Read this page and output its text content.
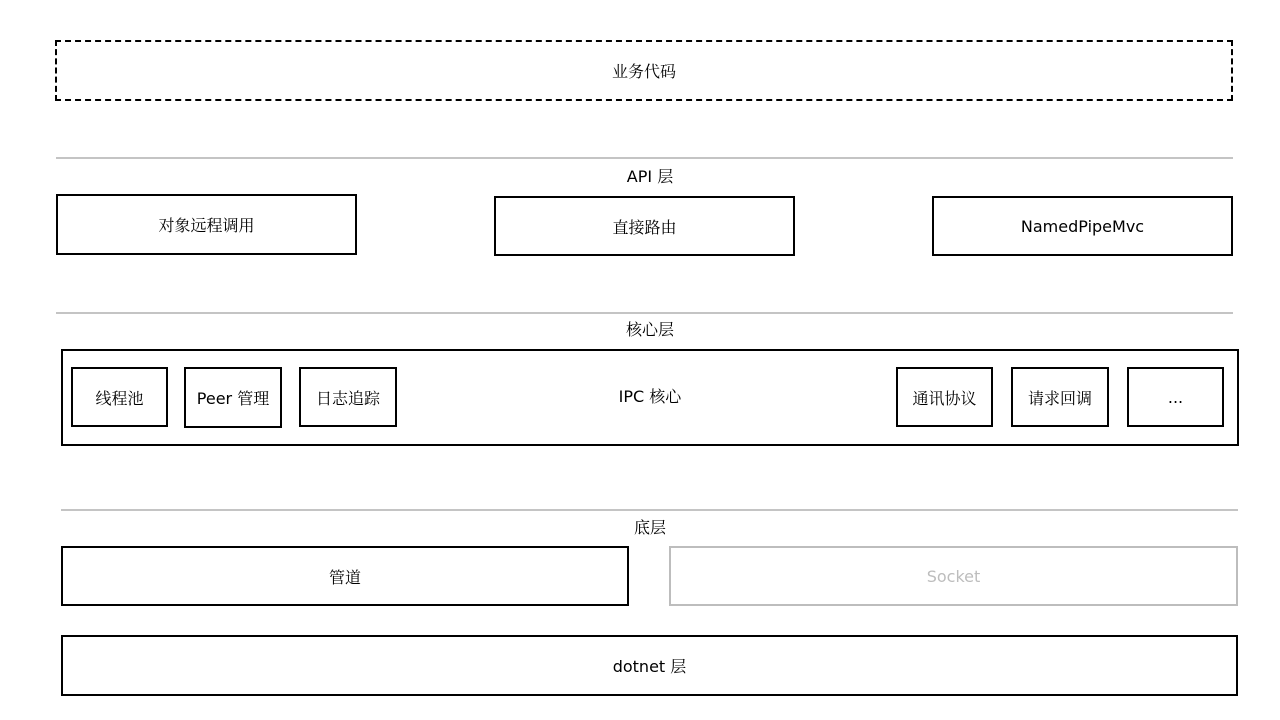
业务代码
API 层
对象远程调用	直接路由	NamedPipeMvc
核心层
IPC 核心
线程池	Peer 管理	日志追踪	通讯协议	请求回调	...
底层
管道	Socket
dotnet 层
